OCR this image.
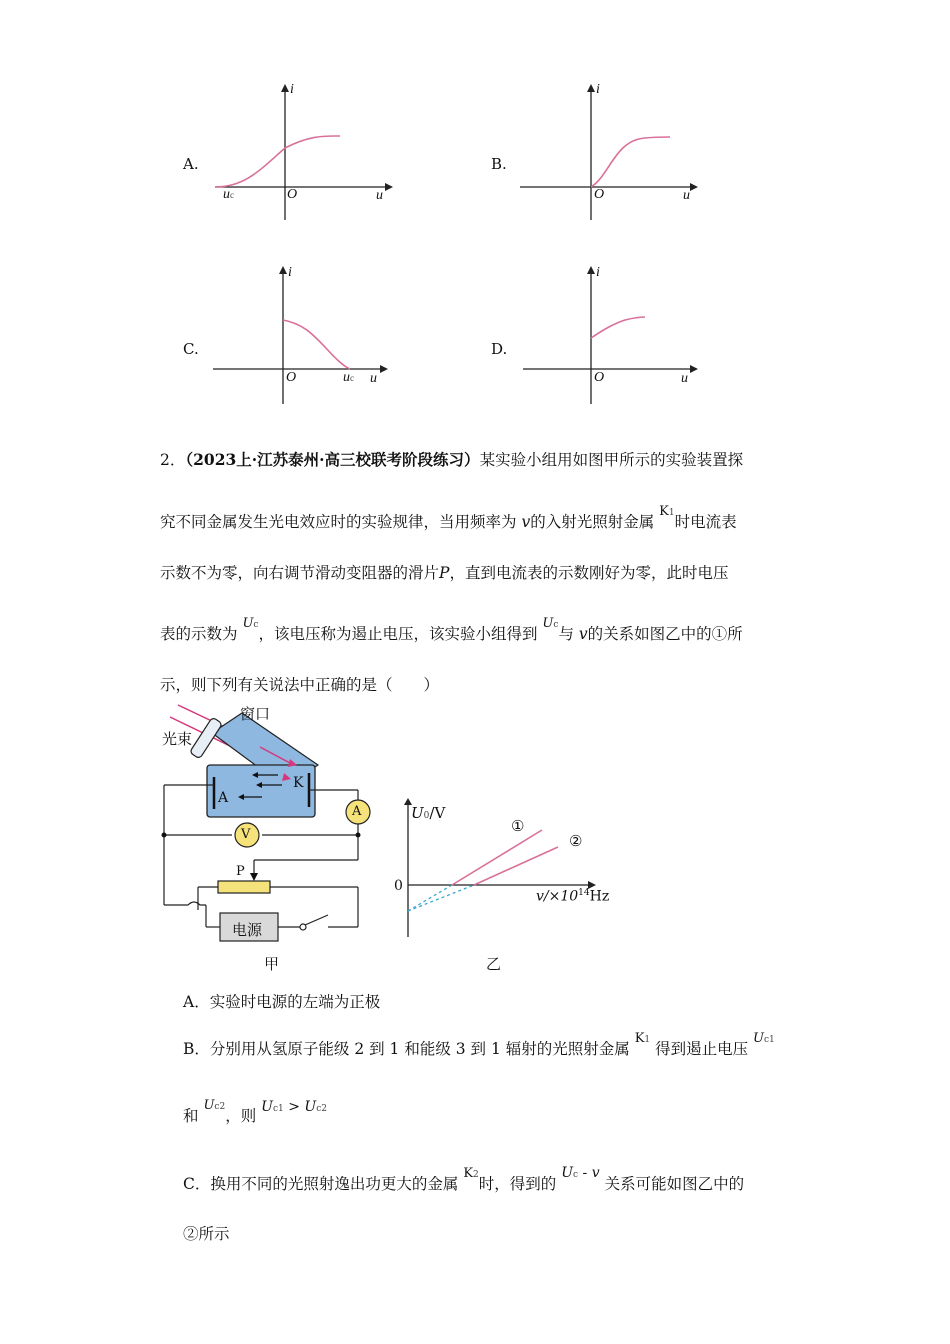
A.
i
u
O
uc
B.
i
u
O
C.
i
u
O	uc
D.
i
u
O
2．（2023上·江苏泰州·高三校联考阶段练习）某实验小组用如图甲所示的实验装置探
究不同金属发生光电效应时的实验规律，当用频率为 v的入射光照射金属 K1时电流表
示数不为零，向右调节滑动变阻器的滑片P，直到电流表的示数刚好为零，此时电压
表的示数为 Uc，该电压称为遏止电压，该实验小组得到 Uc与 v的关系如图乙中的①所
示，则下列有关说法中正确的是（　　）
窗口
光束
A
K
A
V
P
电源
甲
U0/V
0
$v/\times 10^{14}Hz$
①
②
乙
A．实验时电源的左端为正极
B．分别用从氢原子能级 2 到 1 和能级 3 到 1 辐射的光照射金属 K1 得到遏止电压 Uc1
和 Uc2，则 Uc1 > Uc2
C．换用不同的光照射逸出功更大的金属 K2时，得到的 Uc - v 关系可能如图乙中的
②所示
